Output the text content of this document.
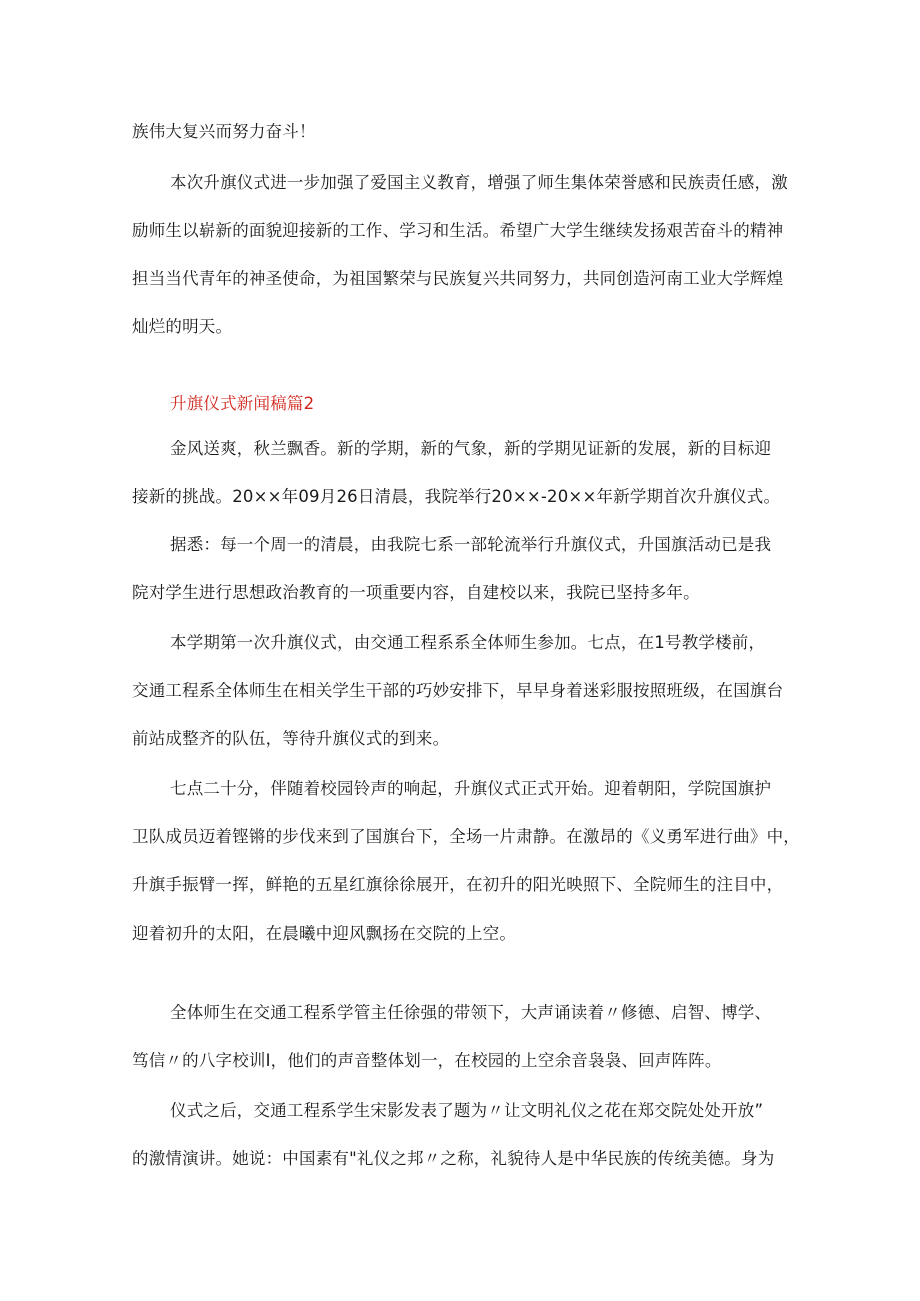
族伟大复兴而努力奋斗！

本次升旗仪式进一步加强了爱国主义教育，增强了师生集体荣誉感和民族责任感，激

励师生以崭新的面貌迎接新的工作、学习和生活。希望广大学生继续发扬艰苦奋斗的精神

担当当代青年的神圣使命，为祖国繁荣与民族复兴共同努力，共同创造河南工业大学辉煌

灿烂的明天。

升旗仪式新闻稿篇2

金风送爽，秋兰飘香。新的学期，新的气象，新的学期见证新的发展，新的目标迎

接新的挑战。20××年09月26日清晨，我院举行20××-20××年新学期首次升旗仪式。

据悉：每一个周一的清晨，由我院七系一部轮流举行升旗仪式，升国旗活动已是我

院对学生进行思想政治教育的一项重要内容，自建校以来，我院已坚持多年。

本学期第一次升旗仪式，由交通工程系系全体师生参加。七点，在1号教学楼前，

交通工程系全体师生在相关学生干部的巧妙安排下，早早身着迷彩服按照班级，在国旗台

前站成整齐的队伍，等待升旗仪式的到来。

七点二十分，伴随着校园铃声的响起，升旗仪式正式开始。迎着朝阳，学院国旗护

卫队成员迈着铿锵的步伐来到了国旗台下，全场一片肃静。在激昂的《义勇军进行曲》中，

升旗手振臂一挥，鲜艳的五星红旗徐徐展开，在初升的阳光映照下、全院师生的注目中，

迎着初升的太阳，在晨曦中迎风飘扬在交院的上空。

全体师生在交通工程系学管主任徐强的带领下，大声诵读着〃修德、启智、博学、

笃信〃的八字校训I，他们的声音整体划一，在校园的上空余音袅袅、回声阵阵。

仪式之后，交通工程系学生宋影发表了题为〃让文明礼仪之花在郑交院处处开放”

的激情演讲。她说：中国素有"礼仪之邦〃之称，礼貌待人是中华民族的传统美德。身为
